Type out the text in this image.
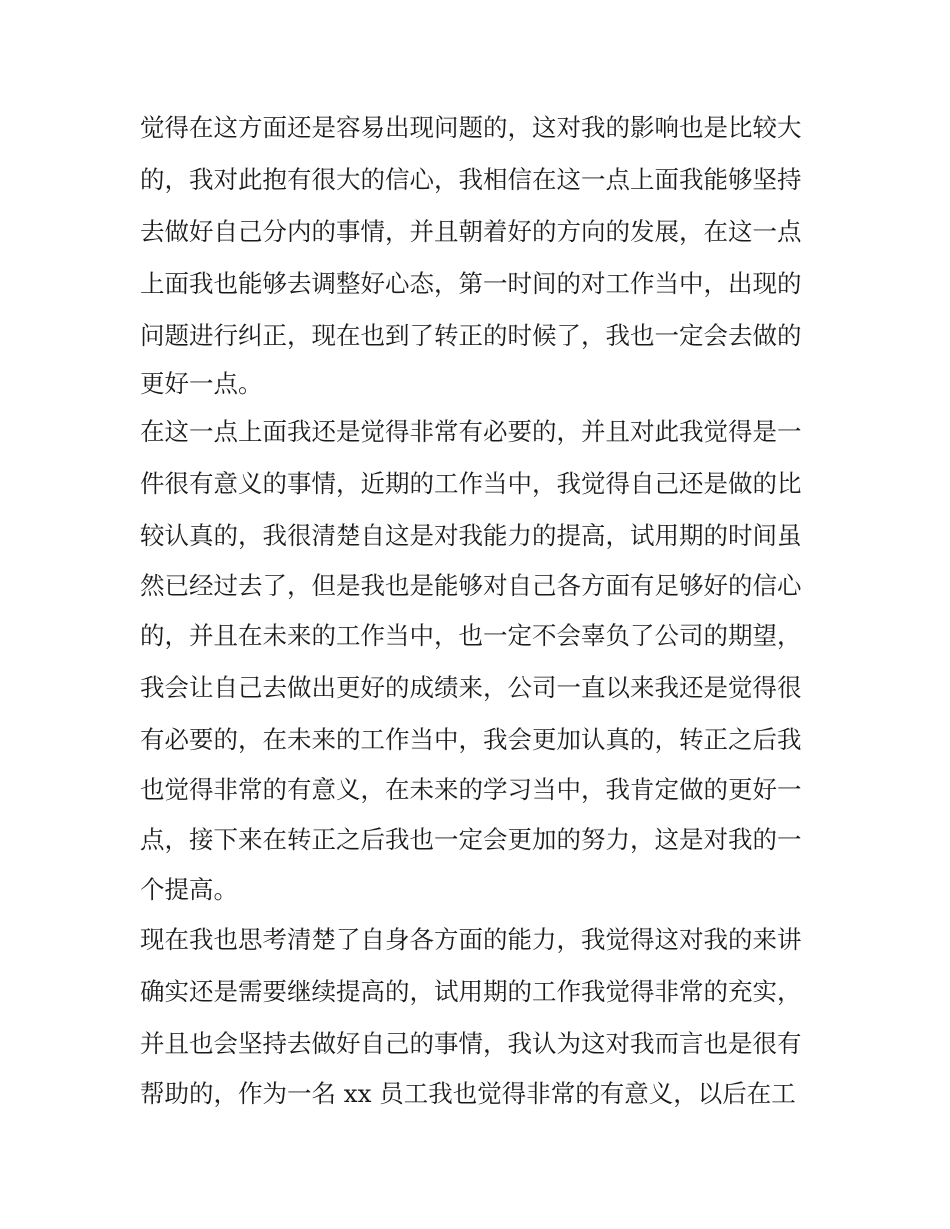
觉得在这方面还是容易出现问题的，这对我的影响也是比较大
的，我对此抱有很大的信心，我相信在这一点上面我能够坚持
去做好自己分内的事情，并且朝着好的方向的发展，在这一点
上面我也能够去调整好心态，第一时间的对工作当中，出现的
问题进行纠正，现在也到了转正的时候了，我也一定会去做的
更好一点。
在这一点上面我还是觉得非常有必要的，并且对此我觉得是一
件很有意义的事情，近期的工作当中，我觉得自己还是做的比
较认真的，我很清楚自这是对我能力的提高，试用期的时间虽
然已经过去了，但是我也是能够对自己各方面有足够好的信心
的，并且在未来的工作当中，也一定不会辜负了公司的期望，
我会让自己去做出更好的成绩来，公司一直以来我还是觉得很
有必要的，在未来的工作当中，我会更加认真的，转正之后我
也觉得非常的有意义，在未来的学习当中，我肯定做的更好一
点，接下来在转正之后我也一定会更加的努力，这是对我的一
个提高。
现在我也思考清楚了自身各方面的能力，我觉得这对我的来讲
确实还是需要继续提高的，试用期的工作我觉得非常的充实，
并且也会坚持去做好自己的事情，我认为这对我而言也是很有
帮助的，作为一名 xx 员工我也觉得非常的有意义，以后在工
